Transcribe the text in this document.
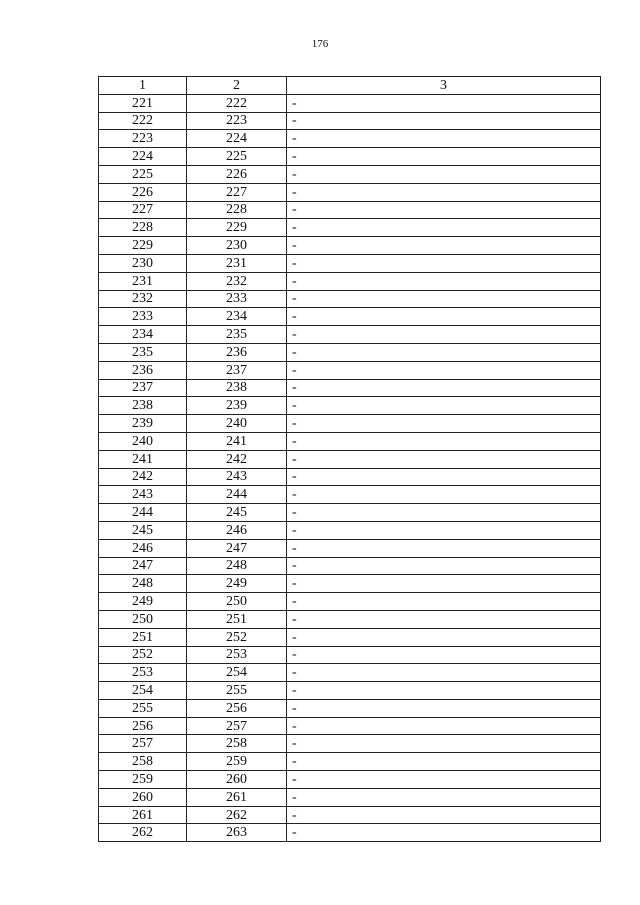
176
1	2	3
221	222	-
222	223	-
223	224	-
224	225	-
225	226	-
226	227	-
227	228	-
228	229	-
229	230	-
230	231	-
231	232	-
232	233	-
233	234	-
234	235	-
235	236	-
236	237	-
237	238	-
238	239	-
239	240	-
240	241	-
241	242	-
242	243	-
243	244	-
244	245	-
245	246	-
246	247	-
247	248	-
248	249	-
249	250	-
250	251	-
251	252	-
252	253	-
253	254	-
254	255	-
255	256	-
256	257	-
257	258	-
258	259	-
259	260	-
260	261	-
261	262	-
262	263	-
